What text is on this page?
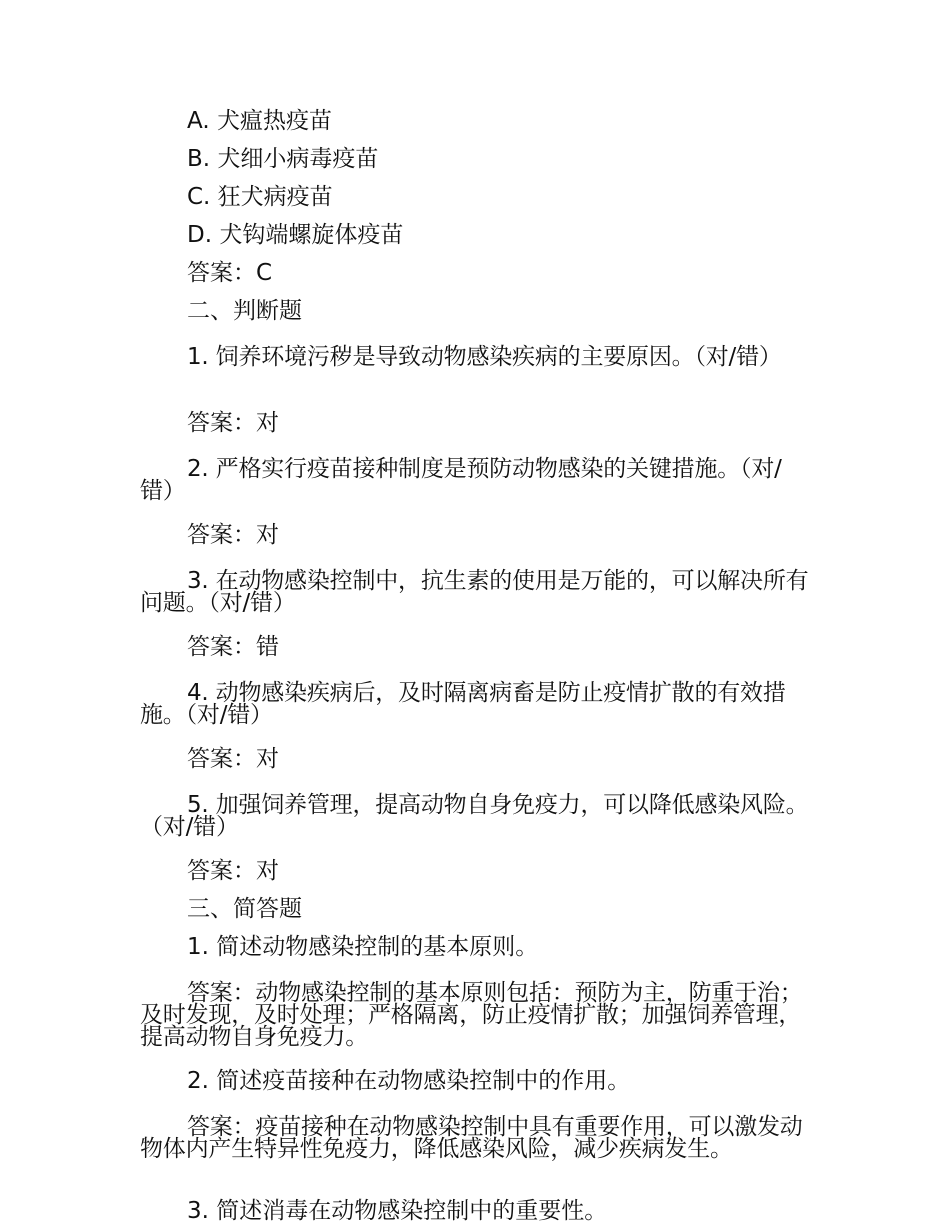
A. 犬瘟热疫苗
B. 犬细小病毒疫苗
C. 狂犬病疫苗
D. 犬钩端螺旋体疫苗
答案：C
二、判断题
1. 饲养环境污秽是导致动物感染疾病的主要原因。（对/错）
答案：对
2. 严格实行疫苗接种制度是预防动物感染的关键措施。（对/错）
答案：对
3. 在动物感染控制中，抗生素的使用是万能的，可以解决所有问题。（对/错）
答案：错
4. 动物感染疾病后，及时隔离病畜是防止疫情扩散的有效措施。（对/错）
答案：对
5. 加强饲养管理，提高动物自身免疫力，可以降低感染风险。（对/错）
答案：对
三、简答题
1. 简述动物感染控制的基本原则。
答案：动物感染控制的基本原则包括：预防为主，防重于治；及时发现，及时处理；严格隔离，防止疫情扩散；加强饲养管理，提高动物自身免疫力。
2. 简述疫苗接种在动物感染控制中的作用。
答案：疫苗接种在动物感染控制中具有重要作用，可以激发动物体内产生特异性免疫力，降低感染风险，减少疾病发生。
3. 简述消毒在动物感染控制中的重要性。
